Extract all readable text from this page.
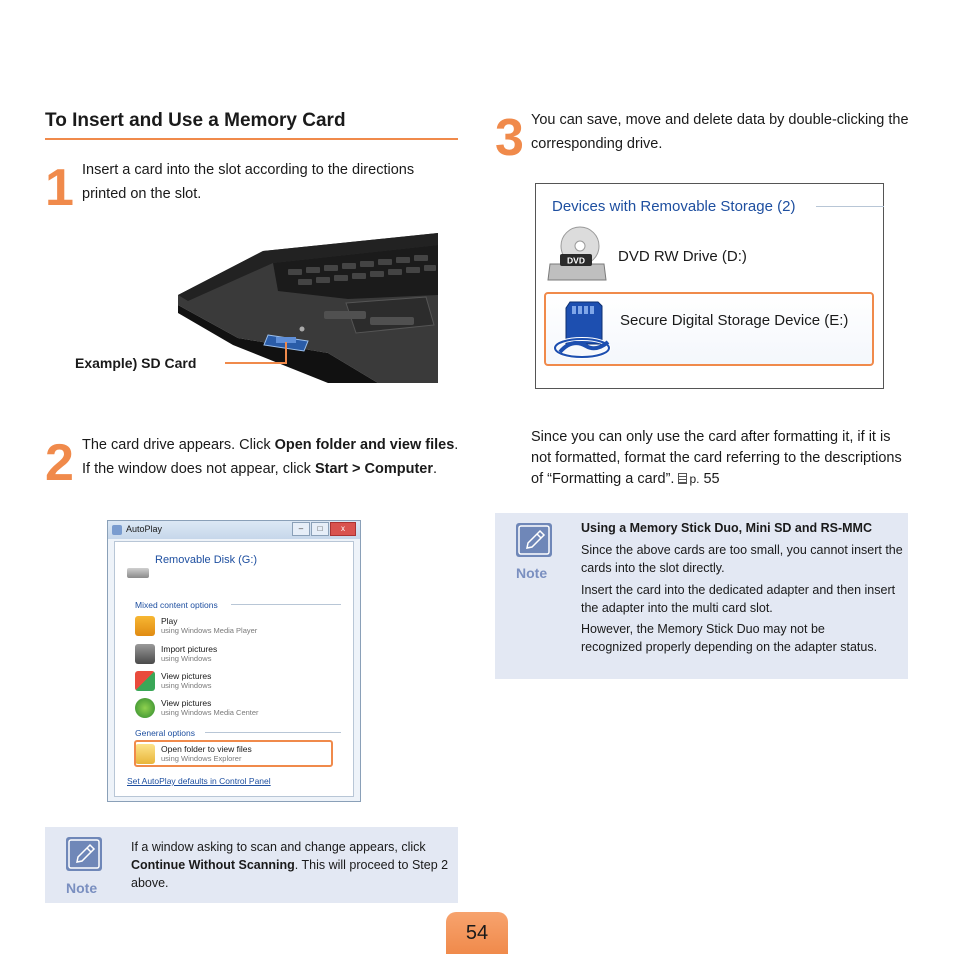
To Insert and Use a Memory Card
1 Insert a card into the slot according to the directions printed on the slot.
Example) SD Card
2 The card drive appears. Click Open folder and view files. If the window does not appear, click Start > Computer.
AutoPlay	–	□	x
Removable Disk (G:)
Mixed content options
Play
using Windows Media Player
Import pictures
using Windows
View pictures
using Windows
View pictures
using Windows Media Center
General options
Open folder to view files
using Windows Explorer
Set AutoPlay defaults in Control Panel
Note
If a window asking to scan and change appears, click Continue Without Scanning. This will proceed to Step 2 above.
3 You can save, move and delete data by double-clicking the corresponding drive.
Devices with Removable Storage (2)
DVD DVD RW Drive (D:)
Secure Digital Storage Device (E:)
Since you can only use the card after formatting it, if it is not formatted, format the card referring to the descriptions of “Formatting a card”. p. 55
Note
Using a Memory Stick Duo, Mini SD and RS-MMC
Since the above cards are too small, you cannot insert the cards into the slot directly.
Insert the card into the dedicated adapter and then insert the adapter into the multi card slot.
However, the Memory Stick Duo may not be recognized properly depending on the adapter status.
54
